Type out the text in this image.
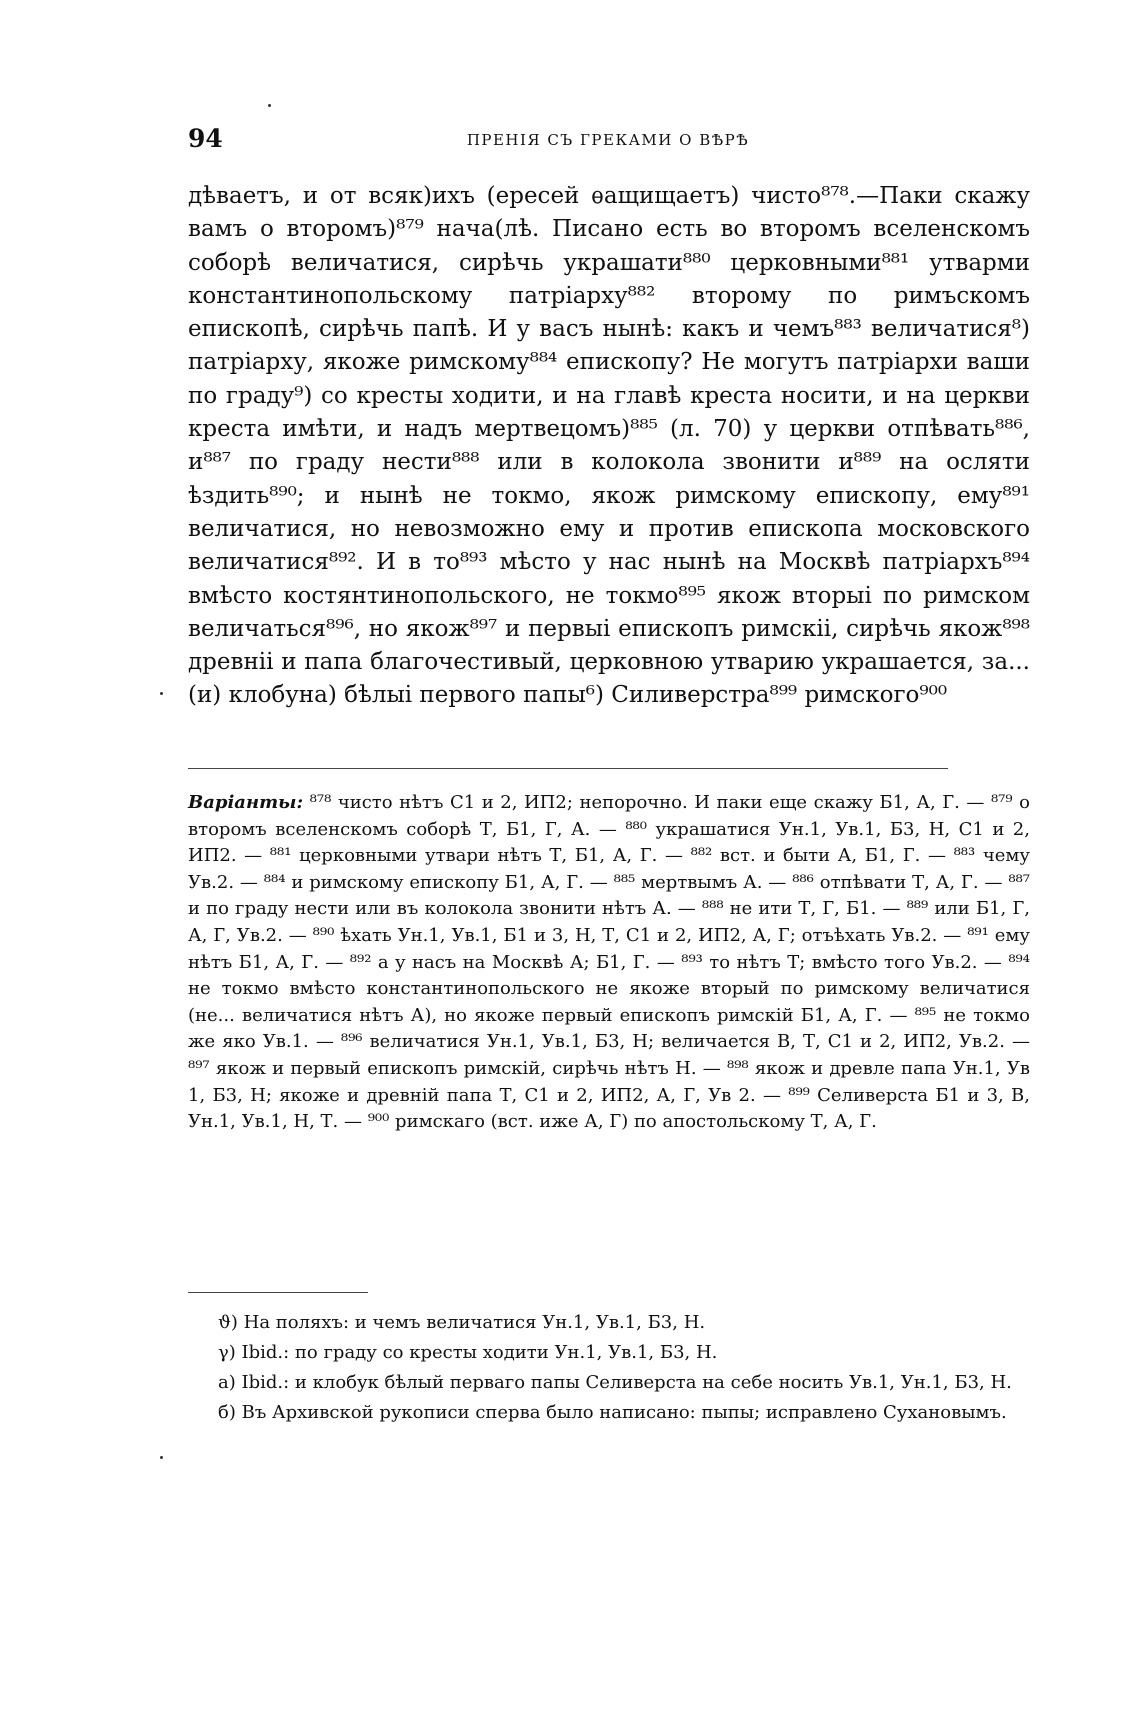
94	ПРЕНІЯ СЪ ГРЕКАМИ О ВѢРѢ

дѣваетъ, и от всяк)ихъ (ересей ѳащищаетъ) чисто⁸⁷⁸.—Паки скажу вамъ о второмъ)⁸⁷⁹ нача(лѣ. Писано есть во второмъ вселенскомъ соборѣ величатися, сирѣчь украшати⁸⁸⁰ церковными⁸⁸¹ утварми константинопольскому патріарху⁸⁸² второму по римъскомъ епископѣ, сирѣчь папѣ. И у васъ нынѣ: какъ и чемъ⁸⁸³ величатися⁸) патріарху, якоже римскому⁸⁸⁴ епископу? Не могутъ патріархи ваши по граду⁹) со кресты ходити, и на главѣ креста носити, и на церкви креста имѣти, и надъ мертвецомъ)⁸⁸⁵ (л. 70) у церкви отпѣвать⁸⁸⁶, и⁸⁸⁷ по граду нести⁸⁸⁸ или в колокола звонити и⁸⁸⁹ на осляти ѣздить⁸⁹⁰; и нынѣ не токмо, якож римскому епископу, ему⁸⁹¹ величатися, но невозможно ему и против епископа московского величатися⁸⁹². И в то⁸⁹³ мѣсто у нас нынѣ на Москвѣ патріархъ⁸⁹⁴ вмѣсто костянтинопольского, не токмо⁸⁹⁵ якож вторыі по римском величаться⁸⁹⁶, но якож⁸⁹⁷ и первыі епископъ римскіі, сирѣчь якож⁸⁹⁸ древніі и папа благочестивый, церковною утварию украшается, за...(и) клобуна) бѣлыі первого папы⁶) Силиверстра⁸⁹⁹ римского⁹⁰⁰

Варіанты: ⁸⁷⁸ чисто нѣтъ С1 и 2, ИП2; непорочно. И паки еще скажу Б1, А, Г. — ⁸⁷⁹ о второмъ вселенскомъ соборѣ Т, Б1, Г, А. — ⁸⁸⁰ украшатися Ун.1, Ув.1, Б3, Н, С1 и 2, ИП2. — ⁸⁸¹ церковными утвари нѣтъ Т, Б1, А, Г. — ⁸⁸² вст. и быти А, Б1, Г. — ⁸⁸³ чему Ув.2. — ⁸⁸⁴ и римскому епископу Б1, А, Г. — ⁸⁸⁵ мертвымъ А. — ⁸⁸⁶ отпѣвати Т, А, Г. — ⁸⁸⁷ и по граду нести или въ колокола звонити нѣтъ А. — ⁸⁸⁸ не ити Т, Г, Б1. — ⁸⁸⁹ или Б1, Г, А, Г, Ув.2. — ⁸⁹⁰ ѣхать Ун.1, Ув.1, Б1 и 3, Н, Т, С1 и 2, ИП2, А, Г; отъѣхать Ув.2. — ⁸⁹¹ ему нѣтъ Б1, А, Г. — ⁸⁹² а у насъ на Москвѣ А; Б1, Г. — ⁸⁹³ то нѣтъ Т; вмѣсто того Ув.2. — ⁸⁹⁴ не токмо вмѣсто константинопольского не якоже вторый по римскому величатися (не... величатися нѣтъ А), но якоже первый епископъ римскій Б1, А, Г. — ⁸⁹⁵ не токмо же яко Ув.1. — ⁸⁹⁶ величатися Ун.1, Ув.1, Б3, Н; величается В, Т, С1 и 2, ИП2, Ув.2. — ⁸⁹⁷ якож и первый епископъ римскій, сирѣчь нѣтъ Н. — ⁸⁹⁸ якож и древле папа Ун.1, Ув 1, Б3, Н; якоже и древній папа Т, С1 и 2, ИП2, А, Г, Ув 2. — ⁸⁹⁹ Селиверста Б1 и 3, В, Ун.1, Ув.1, Н, Т. — ⁹⁰⁰ римскаго (вст. иже А, Г) по апостольскому Т, А, Г.

ϑ) На поляхъ: и чемъ величатися Ун.1, Ув.1, Б3, Н.

γ) Ibid.: по граду со кресты ходити Ун.1, Ув.1, Б3, Н.

а) Ibid.: и клобук бѣлый перваго папы Селиверста на себе носить Ув.1, Ун.1, Б3, Н.

б) Въ Архивской рукописи сперва было написано: пыпы; исправлено Сухановымъ.
